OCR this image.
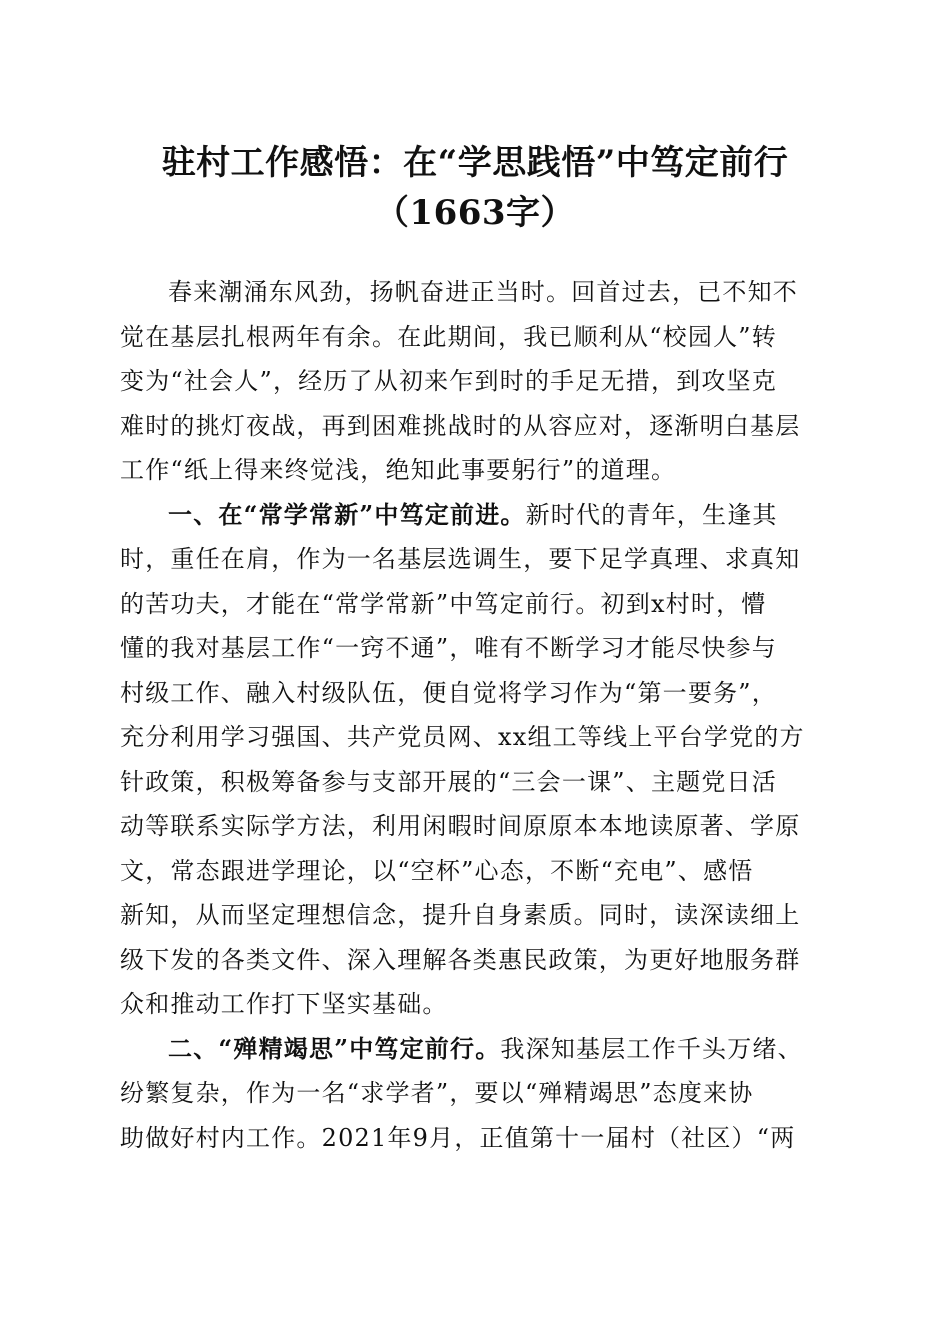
驻村工作感悟：在“学思践悟”中笃定前行
（1663字）
春来潮涌东风劲，扬帆奋进正当时。回首过去，已不知不
觉在基层扎根两年有余。在此期间，我已顺利从“校园人”转
变为“社会人”，经历了从初来乍到时的手足无措，到攻坚克
难时的挑灯夜战，再到困难挑战时的从容应对，逐渐明白基层
工作“纸上得来终觉浅，绝知此事要躬行”的道理。
一、在“常学常新”中笃定前进。新时代的青年，生逢其
时，重任在肩，作为一名基层选调生，要下足学真理、求真知
的苦功夫，才能在“常学常新”中笃定前行。初到x村时，懵
懂的我对基层工作“一窍不通”，唯有不断学习才能尽快参与
村级工作、融入村级队伍，便自觉将学习作为“第一要务”，
充分利用学习强国、共产党员网、xx组工等线上平台学党的方
针政策，积极筹备参与支部开展的“三会一课”、主题党日活
动等联系实际学方法，利用闲暇时间原原本本地读原著、学原
文，常态跟进学理论，以“空杯”心态，不断“充电”、感悟
新知，从而坚定理想信念，提升自身素质。同时，读深读细上
级下发的各类文件、深入理解各类惠民政策，为更好地服务群
众和推动工作打下坚实基础。
二、“殚精竭思”中笃定前行。我深知基层工作千头万绪、
纷繁复杂，作为一名“求学者”，要以“殚精竭思”态度来协
助做好村内工作。2021年9月，正值第十一届村（社区）“两
